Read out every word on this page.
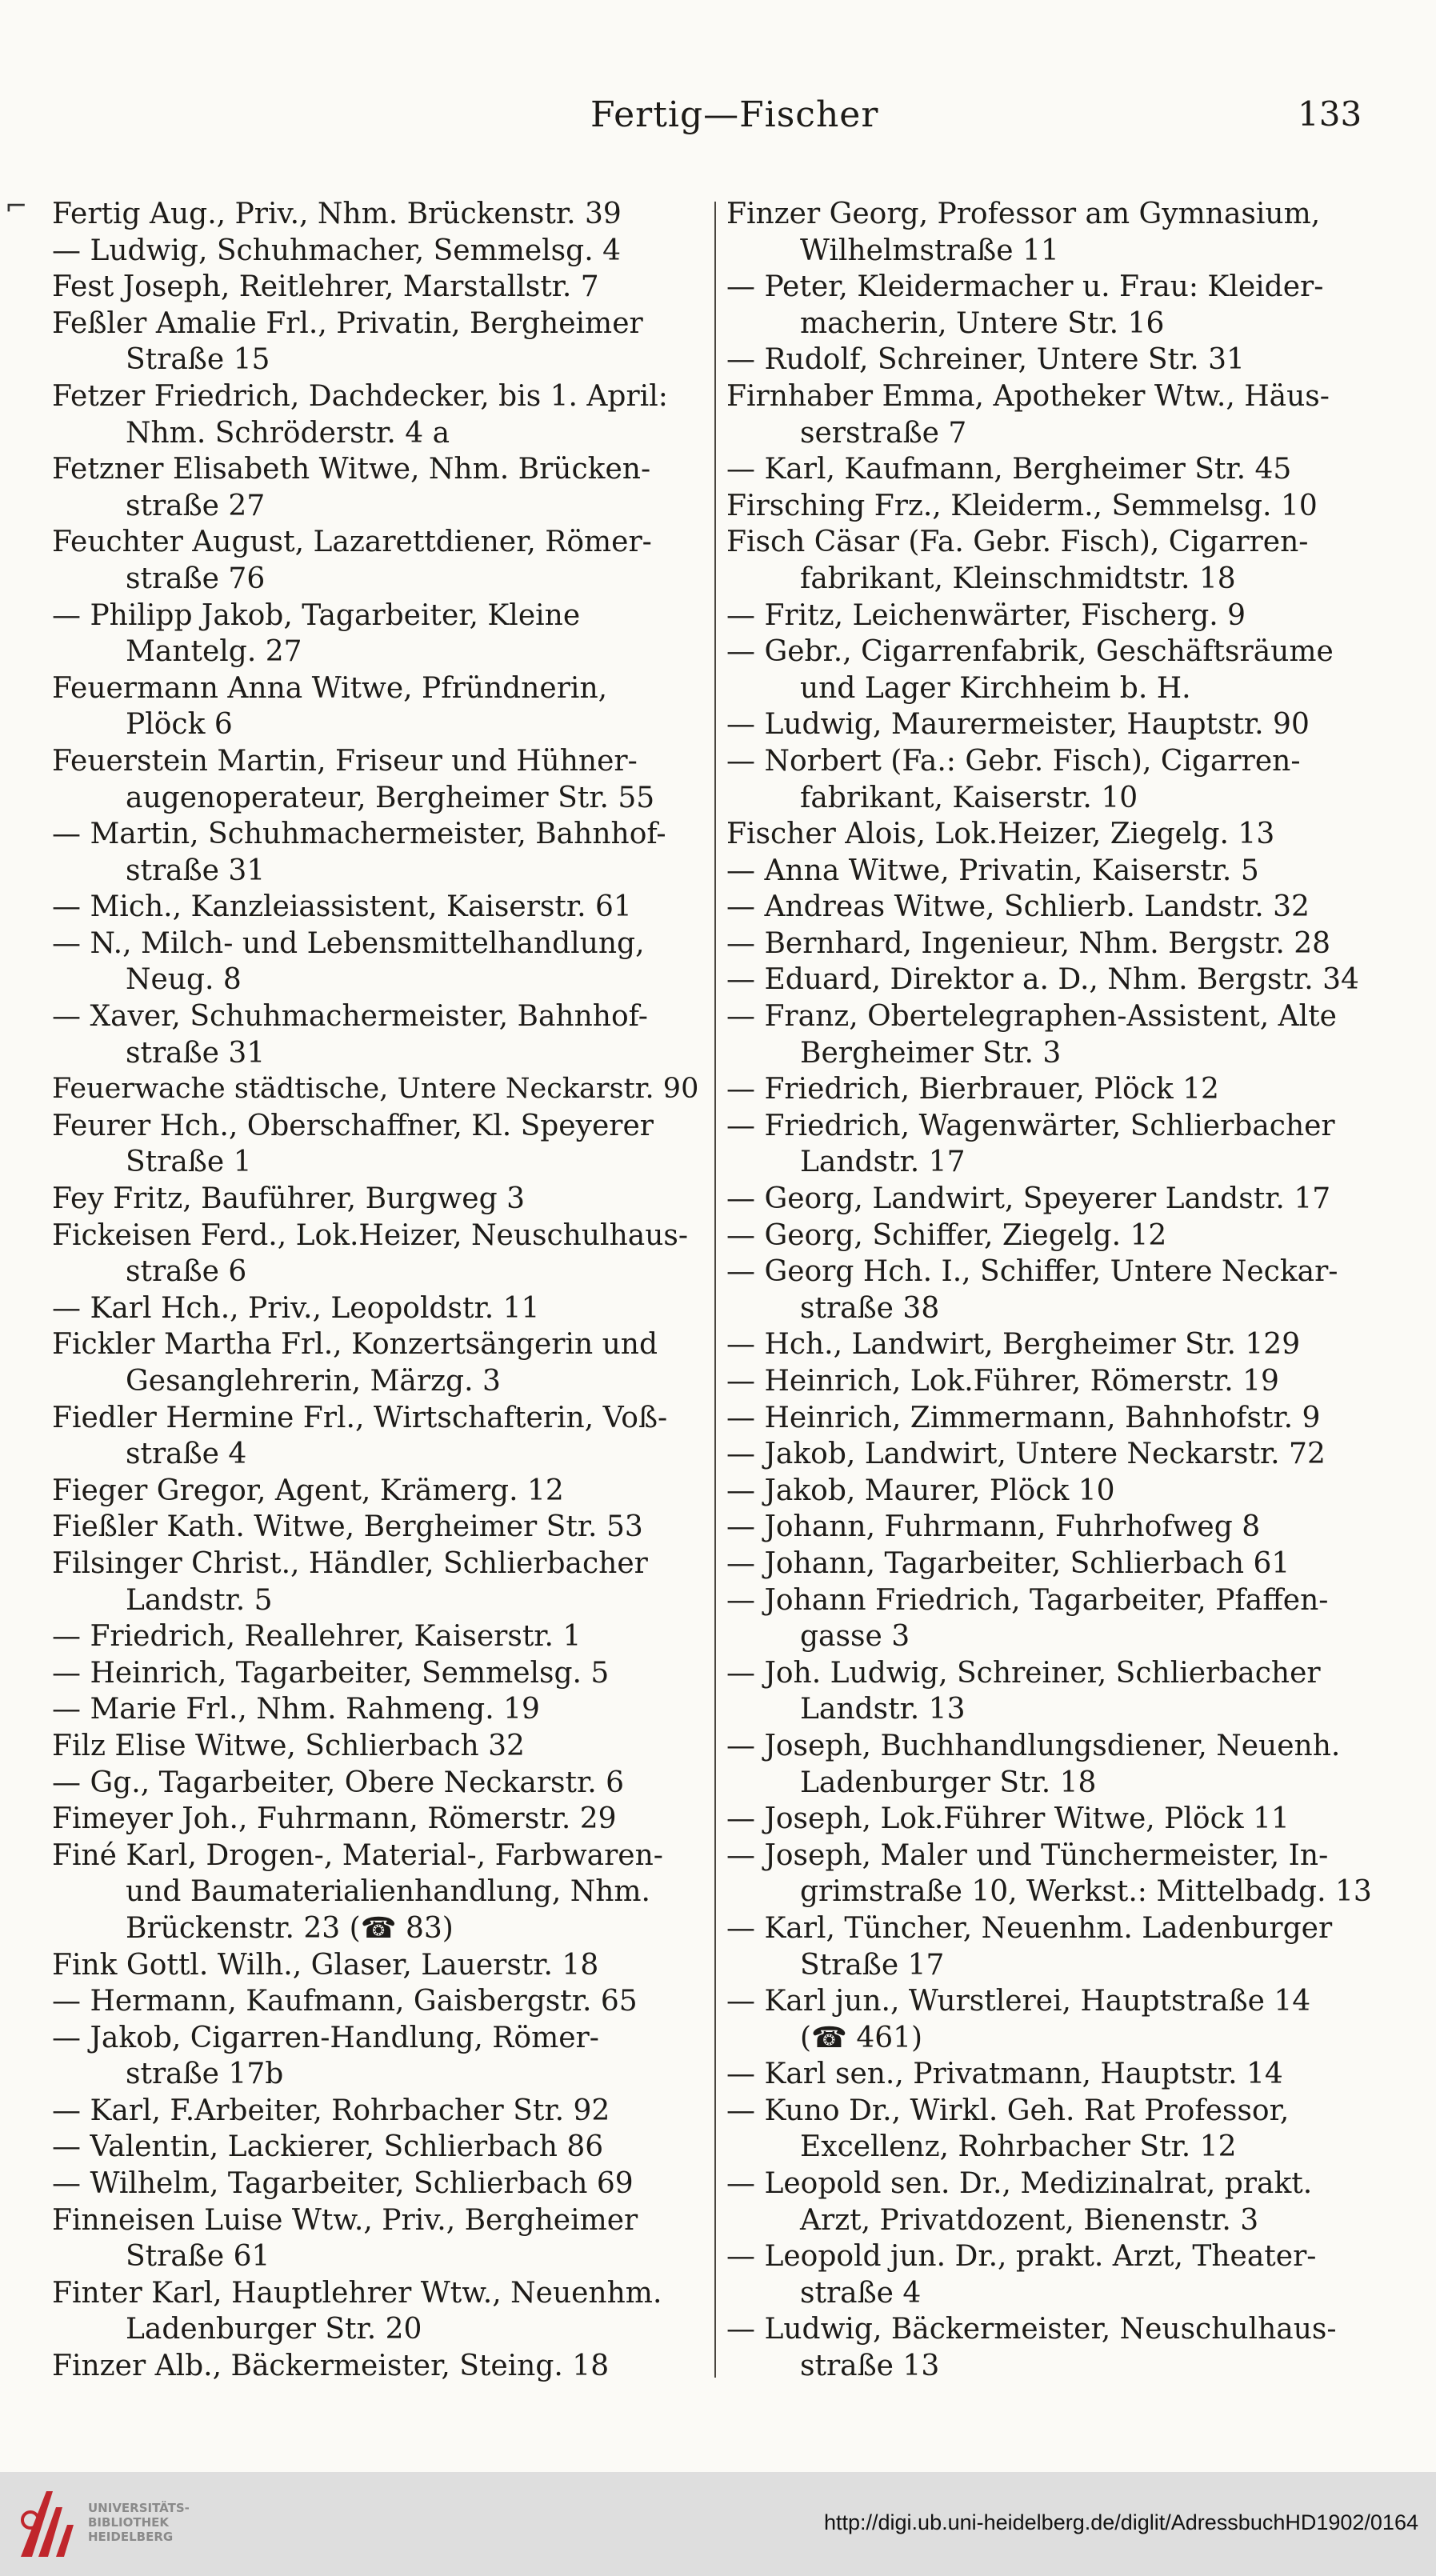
Fertig—Fischer	133
⌐ Fertig Aug., Priv., Nhm. Brückenstr. 39
— Ludwig, Schuhmacher, Semmelsg. 4
Fest Joseph, Reitlehrer, Marstallstr. 7
Feßler Amalie Frl., Privatin, Bergheimer
Straße 15
Fetzer Friedrich, Dachdecker, bis 1. April:
Nhm. Schröderstr. 4 a
Fetzner Elisabeth Witwe, Nhm. Brücken-
straße 27
Feuchter August, Lazarettdiener, Römer-
straße 76
— Philipp Jakob, Tagarbeiter, Kleine
Mantelg. 27
Feuermann Anna Witwe, Pfründnerin,
Plöck 6
Feuerstein Martin, Friseur und Hühner-
augenoperateur, Bergheimer Str. 55
— Martin, Schuhmachermeister, Bahnhof-
straße 31
— Mich., Kanzleiassistent, Kaiserstr. 61
— N., Milch- und Lebensmittelhandlung,
Neug. 8
— Xaver, Schuhmachermeister, Bahnhof-
straße 31
Feuerwache städtische, Untere Neckarstr. 90
Feurer Hch., Oberschaffner, Kl. Speyerer
Straße 1
Fey Fritz, Bauführer, Burgweg 3
Fickeisen Ferd., Lok.Heizer, Neuschulhaus-
straße 6
— Karl Hch., Priv., Leopoldstr. 11
Fickler Martha Frl., Konzertsängerin und
Gesanglehrerin, Märzg. 3
Fiedler Hermine Frl., Wirtschafterin, Voß-
straße 4
Fieger Gregor, Agent, Krämerg. 12
Fießler Kath. Witwe, Bergheimer Str. 53
Filsinger Christ., Händler, Schlierbacher
Landstr. 5
— Friedrich, Reallehrer, Kaiserstr. 1
— Heinrich, Tagarbeiter, Semmelsg. 5
— Marie Frl., Nhm. Rahmeng. 19
Filz Elise Witwe, Schlierbach 32
— Gg., Tagarbeiter, Obere Neckarstr. 6
Fimeyer Joh., Fuhrmann, Römerstr. 29
Finé Karl, Drogen-, Material-, Farbwaren-
und Baumaterialienhandlung, Nhm.
Brückenstr. 23 (☎ 83)
Fink Gottl. Wilh., Glaser, Lauerstr. 18
— Hermann, Kaufmann, Gaisbergstr. 65
— Jakob, Cigarren-Handlung, Römer-
straße 17b
— Karl, F.Arbeiter, Rohrbacher Str. 92
— Valentin, Lackierer, Schlierbach 86
— Wilhelm, Tagarbeiter, Schlierbach 69
Finneisen Luise Wtw., Priv., Bergheimer
Straße 61
Finter Karl, Hauptlehrer Wtw., Neuenhm.
Ladenburger Str. 20
Finzer Alb., Bäckermeister, Steing. 18
Finzer Georg, Professor am Gymnasium,
Wilhelmstraße 11
— Peter, Kleidermacher u. Frau: Kleider-
macherin, Untere Str. 16
— Rudolf, Schreiner, Untere Str. 31
Firnhaber Emma, Apotheker Wtw., Häus-
serstraße 7
— Karl, Kaufmann, Bergheimer Str. 45
Firsching Frz., Kleiderm., Semmelsg. 10
Fisch Cäsar (Fa. Gebr. Fisch), Cigarren-
fabrikant, Kleinschmidtstr. 18
— Fritz, Leichenwärter, Fischerg. 9
— Gebr., Cigarrenfabrik, Geschäftsräume
und Lager Kirchheim b. H.
— Ludwig, Maurermeister, Hauptstr. 90
— Norbert (Fa.: Gebr. Fisch), Cigarren-
fabrikant, Kaiserstr. 10
Fischer Alois, Lok.Heizer, Ziegelg. 13
— Anna Witwe, Privatin, Kaiserstr. 5
— Andreas Witwe, Schlierb. Landstr. 32
— Bernhard, Ingenieur, Nhm. Bergstr. 28
— Eduard, Direktor a. D., Nhm. Bergstr. 34
— Franz, Obertelegraphen-Assistent, Alte
Bergheimer Str. 3
— Friedrich, Bierbrauer, Plöck 12
— Friedrich, Wagenwärter, Schlierbacher
Landstr. 17
— Georg, Landwirt, Speyerer Landstr. 17
— Georg, Schiffer, Ziegelg. 12
— Georg Hch. I., Schiffer, Untere Neckar-
straße 38
— Hch., Landwirt, Bergheimer Str. 129
— Heinrich, Lok.Führer, Römerstr. 19
— Heinrich, Zimmermann, Bahnhofstr. 9
— Jakob, Landwirt, Untere Neckarstr. 72
— Jakob, Maurer, Plöck 10
— Johann, Fuhrmann, Fuhrhofweg 8
— Johann, Tagarbeiter, Schlierbach 61
— Johann Friedrich, Tagarbeiter, Pfaffen-
gasse 3
— Joh. Ludwig, Schreiner, Schlierbacher
Landstr. 13
— Joseph, Buchhandlungsdiener, Neuenh.
Ladenburger Str. 18
— Joseph, Lok.Führer Witwe, Plöck 11
— Joseph, Maler und Tünchermeister, In-
grimstraße 10, Werkst.: Mittelbadg. 13
— Karl, Tüncher, Neuenhm. Ladenburger
Straße 17
— Karl jun., Wurstlerei, Hauptstraße 14
(☎ 461)
— Karl sen., Privatmann, Hauptstr. 14
— Kuno Dr., Wirkl. Geh. Rat Professor,
Excellenz, Rohrbacher Str. 12
— Leopold sen. Dr., Medizinalrat, prakt.
Arzt, Privatdozent, Bienenstr. 3
— Leopold jun. Dr., prakt. Arzt, Theater-
straße 4
— Ludwig, Bäckermeister, Neuschulhaus-
straße 13
UNIVERSITÄTS-
BIBLIOTHEK
HEIDELBERG
http://digi.ub.uni-heidelberg.de/diglit/AdressbuchHD1902/0164
